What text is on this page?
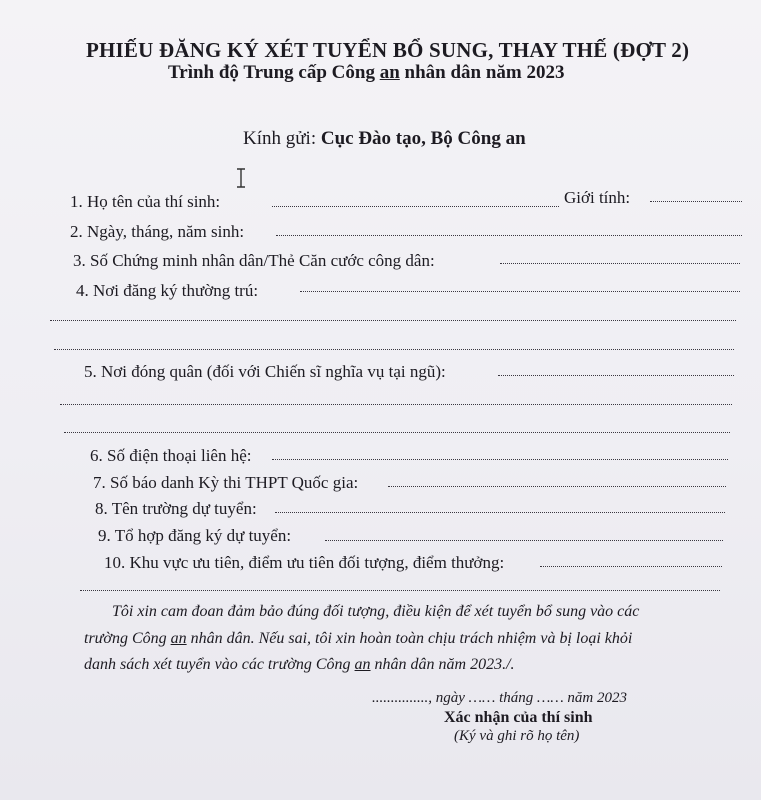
PHIẾU ĐĂNG KÝ XÉT TUYỂN BỔ SUNG, THAY THẾ (ĐỢT 2)
Trình độ Trung cấp Công an nhân dân năm 2023
Kính gửi: Cục Đào tạo, Bộ Công an
1. Họ tên của thí sinh:	Giới tính:
2. Ngày, tháng, năm sinh:
3. Số Chứng minh nhân dân/Thẻ Căn cước công dân:
4. Nơi đăng ký thường trú:
5. Nơi đóng quân (đối với Chiến sĩ nghĩa vụ tại ngũ):
6. Số điện thoại liên hệ:
7. Số báo danh Kỳ thi THPT Quốc gia:
8. Tên trường dự tuyển:
9. Tổ hợp đăng ký dự tuyển:
10. Khu vực ưu tiên, điểm ưu tiên đối tượng, điểm thưởng:
Tôi xin cam đoan đảm bảo đúng đối tượng, điều kiện để xét tuyển bổ sung vào các
trường Công an nhân dân. Nếu sai, tôi xin hoàn toàn chịu trách nhiệm và bị loại khỏi
danh sách xét tuyển vào các trường Công an nhân dân năm 2023./.
..............., ngày …… tháng …… năm 2023
Xác nhận của thí sinh
(Ký và ghi rõ họ tên)
